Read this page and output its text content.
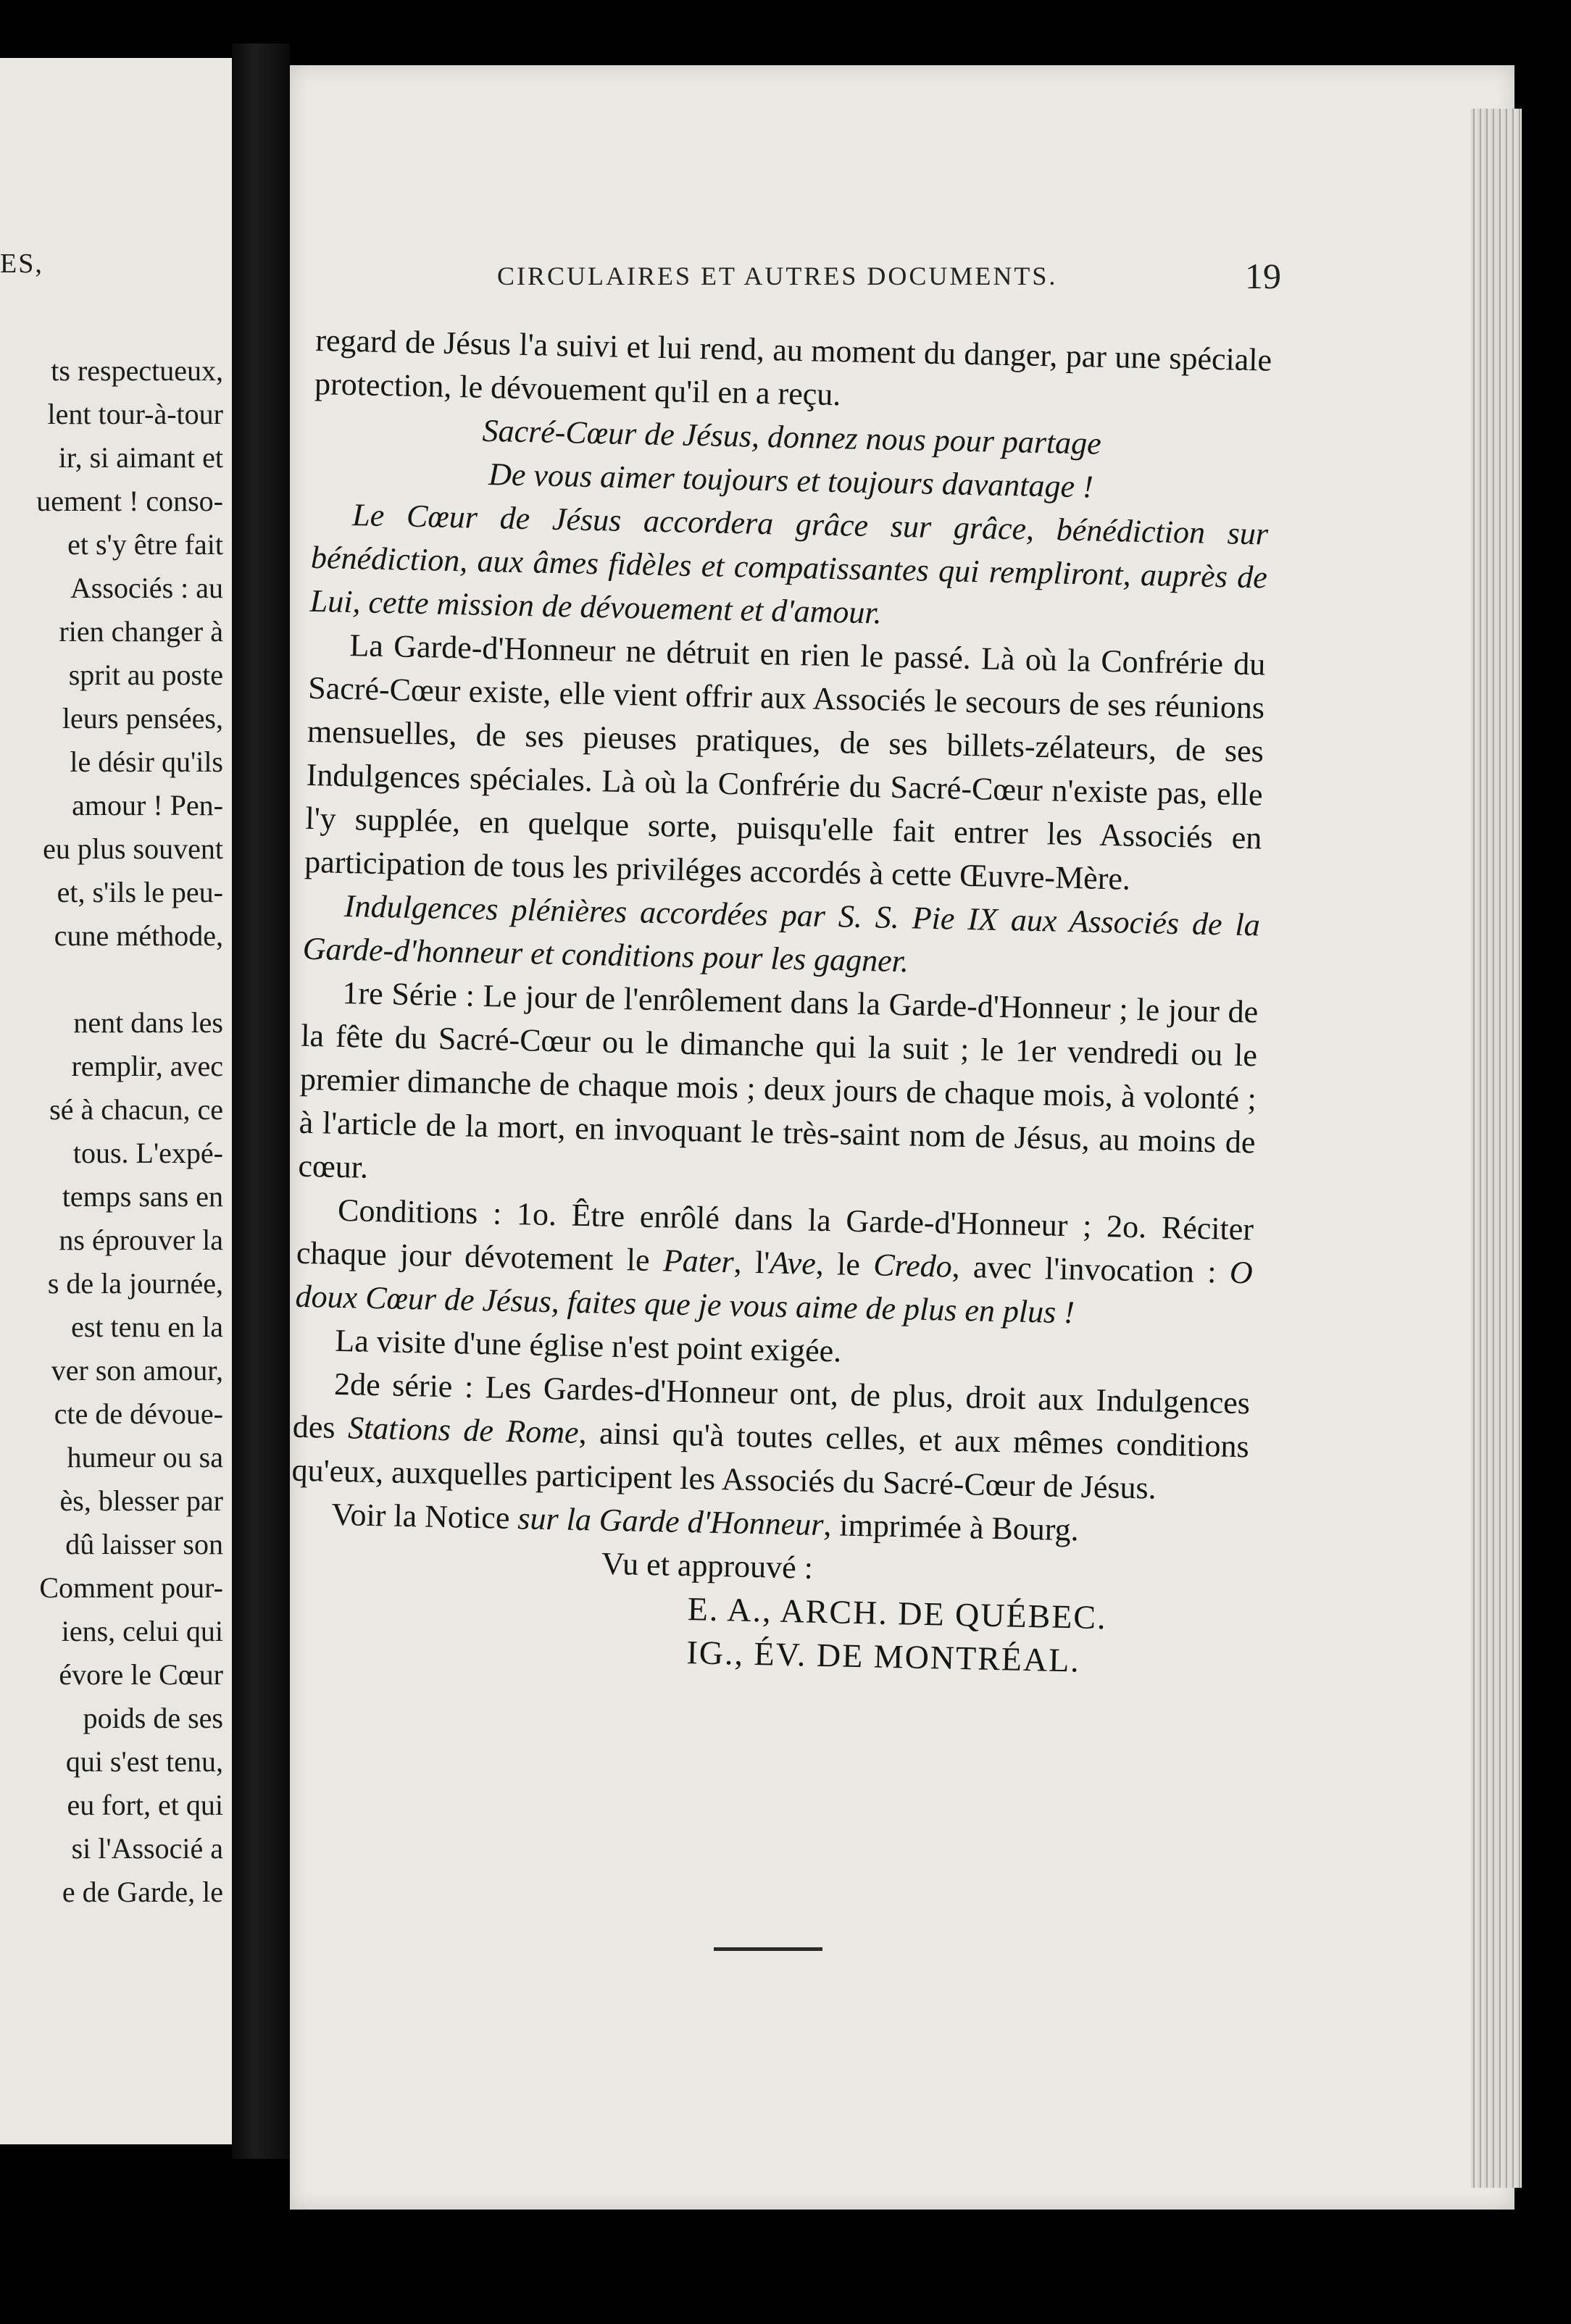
ES,
ts respectueux,
lent tour-à-tour
ir, si aimant et
uement ! conso-
et s'y être fait
Associés : au
rien changer à
sprit au poste
leurs pensées,
le désir qu'ils
amour ! Pen-
eu plus souvent
et, s'ils le peu-
cune méthode,
nent dans les
remplir, avec
sé à chacun, ce
tous. L'expé-
temps sans en
ns éprouver la
s de la journée,
est tenu en la
ver son amour,
cte de dévoue-
humeur ou sa
ès, blesser par
dû laisser son
Comment pour-
iens, celui qui
évore le Cœur
poids de ses
qui s'est tenu,
eu fort, et qui
si l'Associé a
e de Garde, le
CIRCULAIRES ET AUTRES DOCUMENTS.	19

regard de Jésus l'a suivi et lui rend, au moment du danger, par une spéciale protection, le dévouement qu'il en a reçu.

Sacré-Cœur de Jésus, donnez nous pour partage

De vous aimer toujours et toujours davantage !

Le Cœur de Jésus accordera grâce sur grâce, bénédiction sur bénédiction, aux âmes fidèles et compatissantes qui rempliront, auprès de Lui, cette mission de dévouement et d'amour.

La Garde-d'Honneur ne détruit en rien le passé. Là où la Confrérie du Sacré-Cœur existe, elle vient offrir aux Associés le secours de ses réunions mensuelles, de ses pieuses pratiques, de ses billets-zélateurs, de ses Indulgences spéciales. Là où la Confrérie du Sacré-Cœur n'existe pas, elle l'y supplée, en quelque sorte, puisqu'elle fait entrer les Associés en participation de tous les priviléges accordés à cette Œuvre-Mère.

Indulgences plénières accordées par S. S. Pie IX aux Associés de la Garde-d'honneur et conditions pour les gagner.

1re Série : Le jour de l'enrôlement dans la Garde-d'Honneur ; le jour de la fête du Sacré-Cœur ou le dimanche qui la suit ; le 1er vendredi ou le premier dimanche de chaque mois ; deux jours de chaque mois, à volonté ; à l'article de la mort, en invoquant le très-saint nom de Jésus, au moins de cœur.

Conditions : 1o. Être enrôlé dans la Garde-d'Honneur ; 2o. Réciter chaque jour dévotement le Pater, l'Ave, le Credo, avec l'invocation : O doux Cœur de Jésus, faites que je vous aime de plus en plus !

La visite d'une église n'est point exigée.

2de série : Les Gardes-d'Honneur ont, de plus, droit aux Indulgences des Stations de Rome, ainsi qu'à toutes celles, et aux mêmes conditions qu'eux, auxquelles participent les Associés du Sacré-Cœur de Jésus.

Voir la Notice sur la Garde d'Honneur, imprimée à Bourg.

Vu et approuvé :

E. A., ARCH. DE QUÉBEC.

IG., ÉV. DE MONTRÉAL.
